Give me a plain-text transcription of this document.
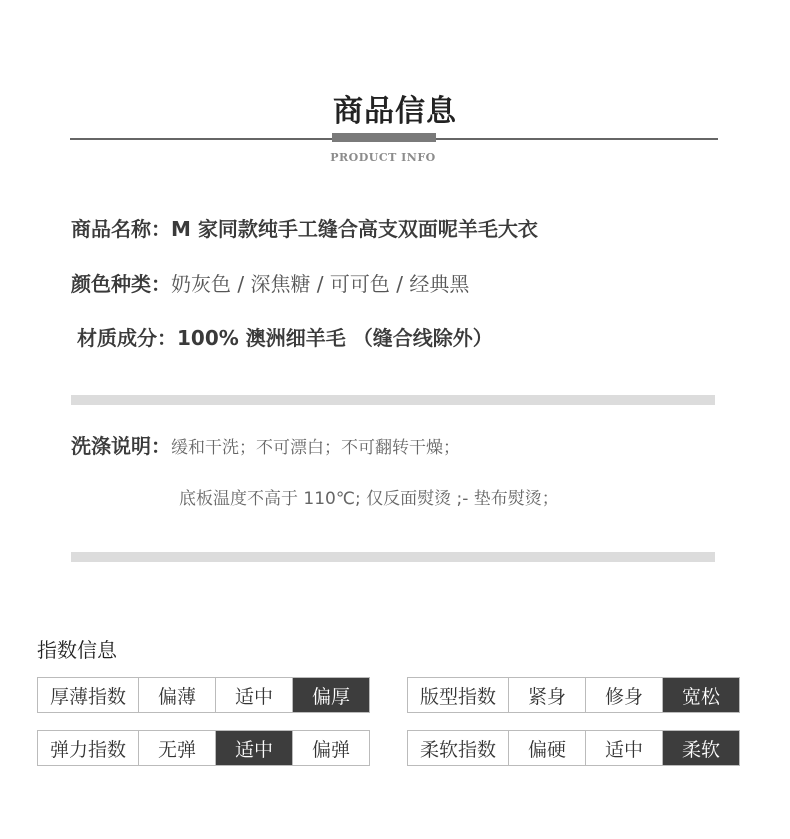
商品信息
PRODUCT INFO
商品名称：M 家同款纯手工缝合高支双面呢羊毛大衣
颜色种类：奶灰色 / 深焦糖 / 可可色 / 经典黑
材质成分：100% 澳洲细羊毛 （缝合线除外）
洗涤说明：缓和干洗；不可漂白；不可翻转干燥；
底板温度不高于 110℃; 仅反面熨烫 ;- 垫布熨烫；
指数信息
厚薄指数	偏薄	适中	偏厚	版型指数	紧身	修身	宽松
弹力指数	无弹	适中	偏弹	柔软指数	偏硬	适中	柔软
